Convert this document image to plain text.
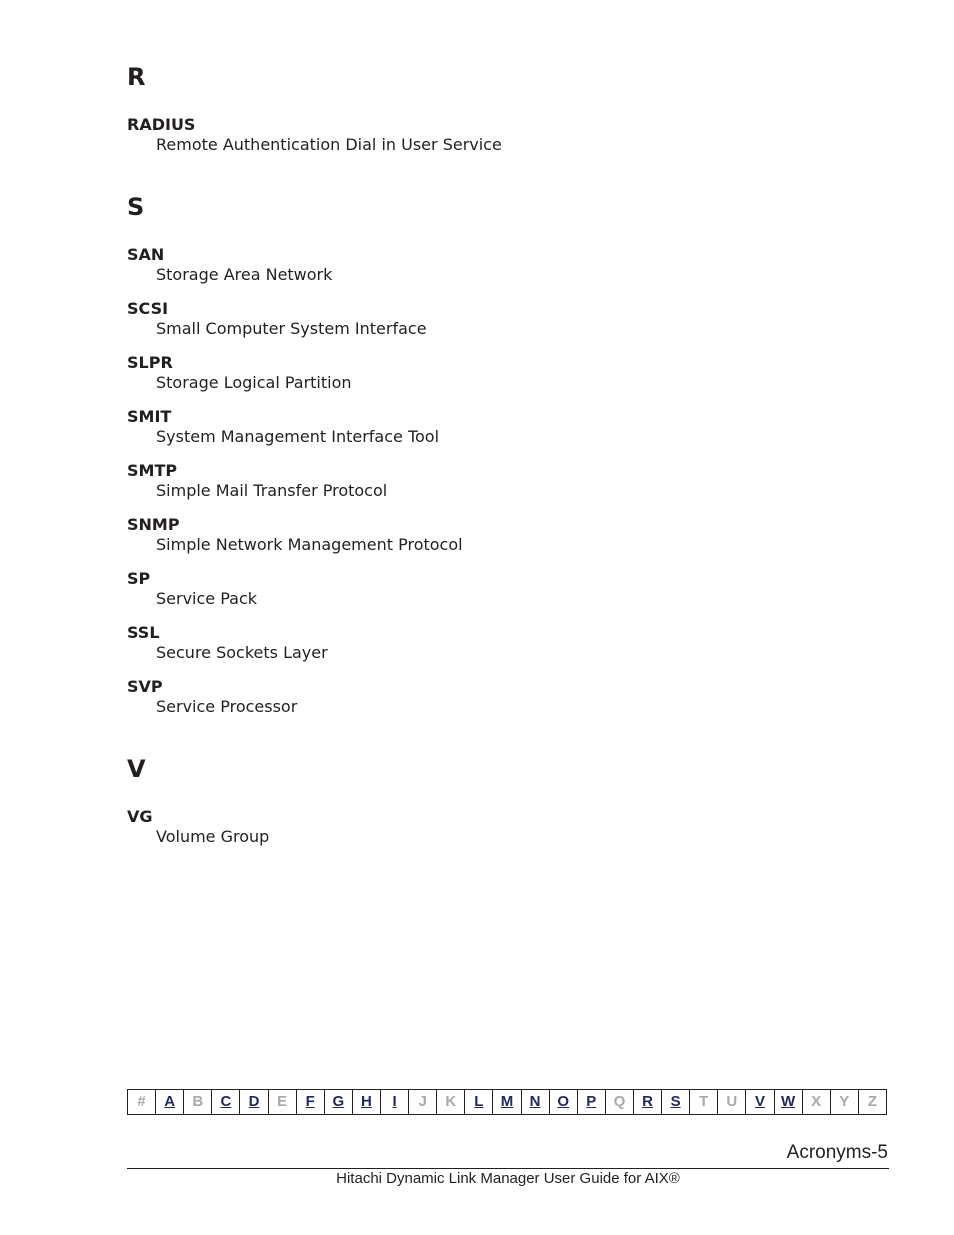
R
RADIUS
Remote Authentication Dial in User Service
S
SAN
Storage Area Network
SCSI
Small Computer System Interface
SLPR
Storage Logical Partition
SMIT
System Management Interface Tool
SMTP
Simple Mail Transfer Protocol
SNMP
Simple Network Management Protocol
SP
Service Pack
SSL
Secure Sockets Layer
SVP
Service Processor
V
VG
Volume Group
#	A	B	C	D	E	F	G	H	I	J	K	L	M	N	O	P	Q	R	S	T	U	V	W	X	Y	Z
Acronyms-5
Hitachi Dynamic Link Manager User Guide for AIX®
